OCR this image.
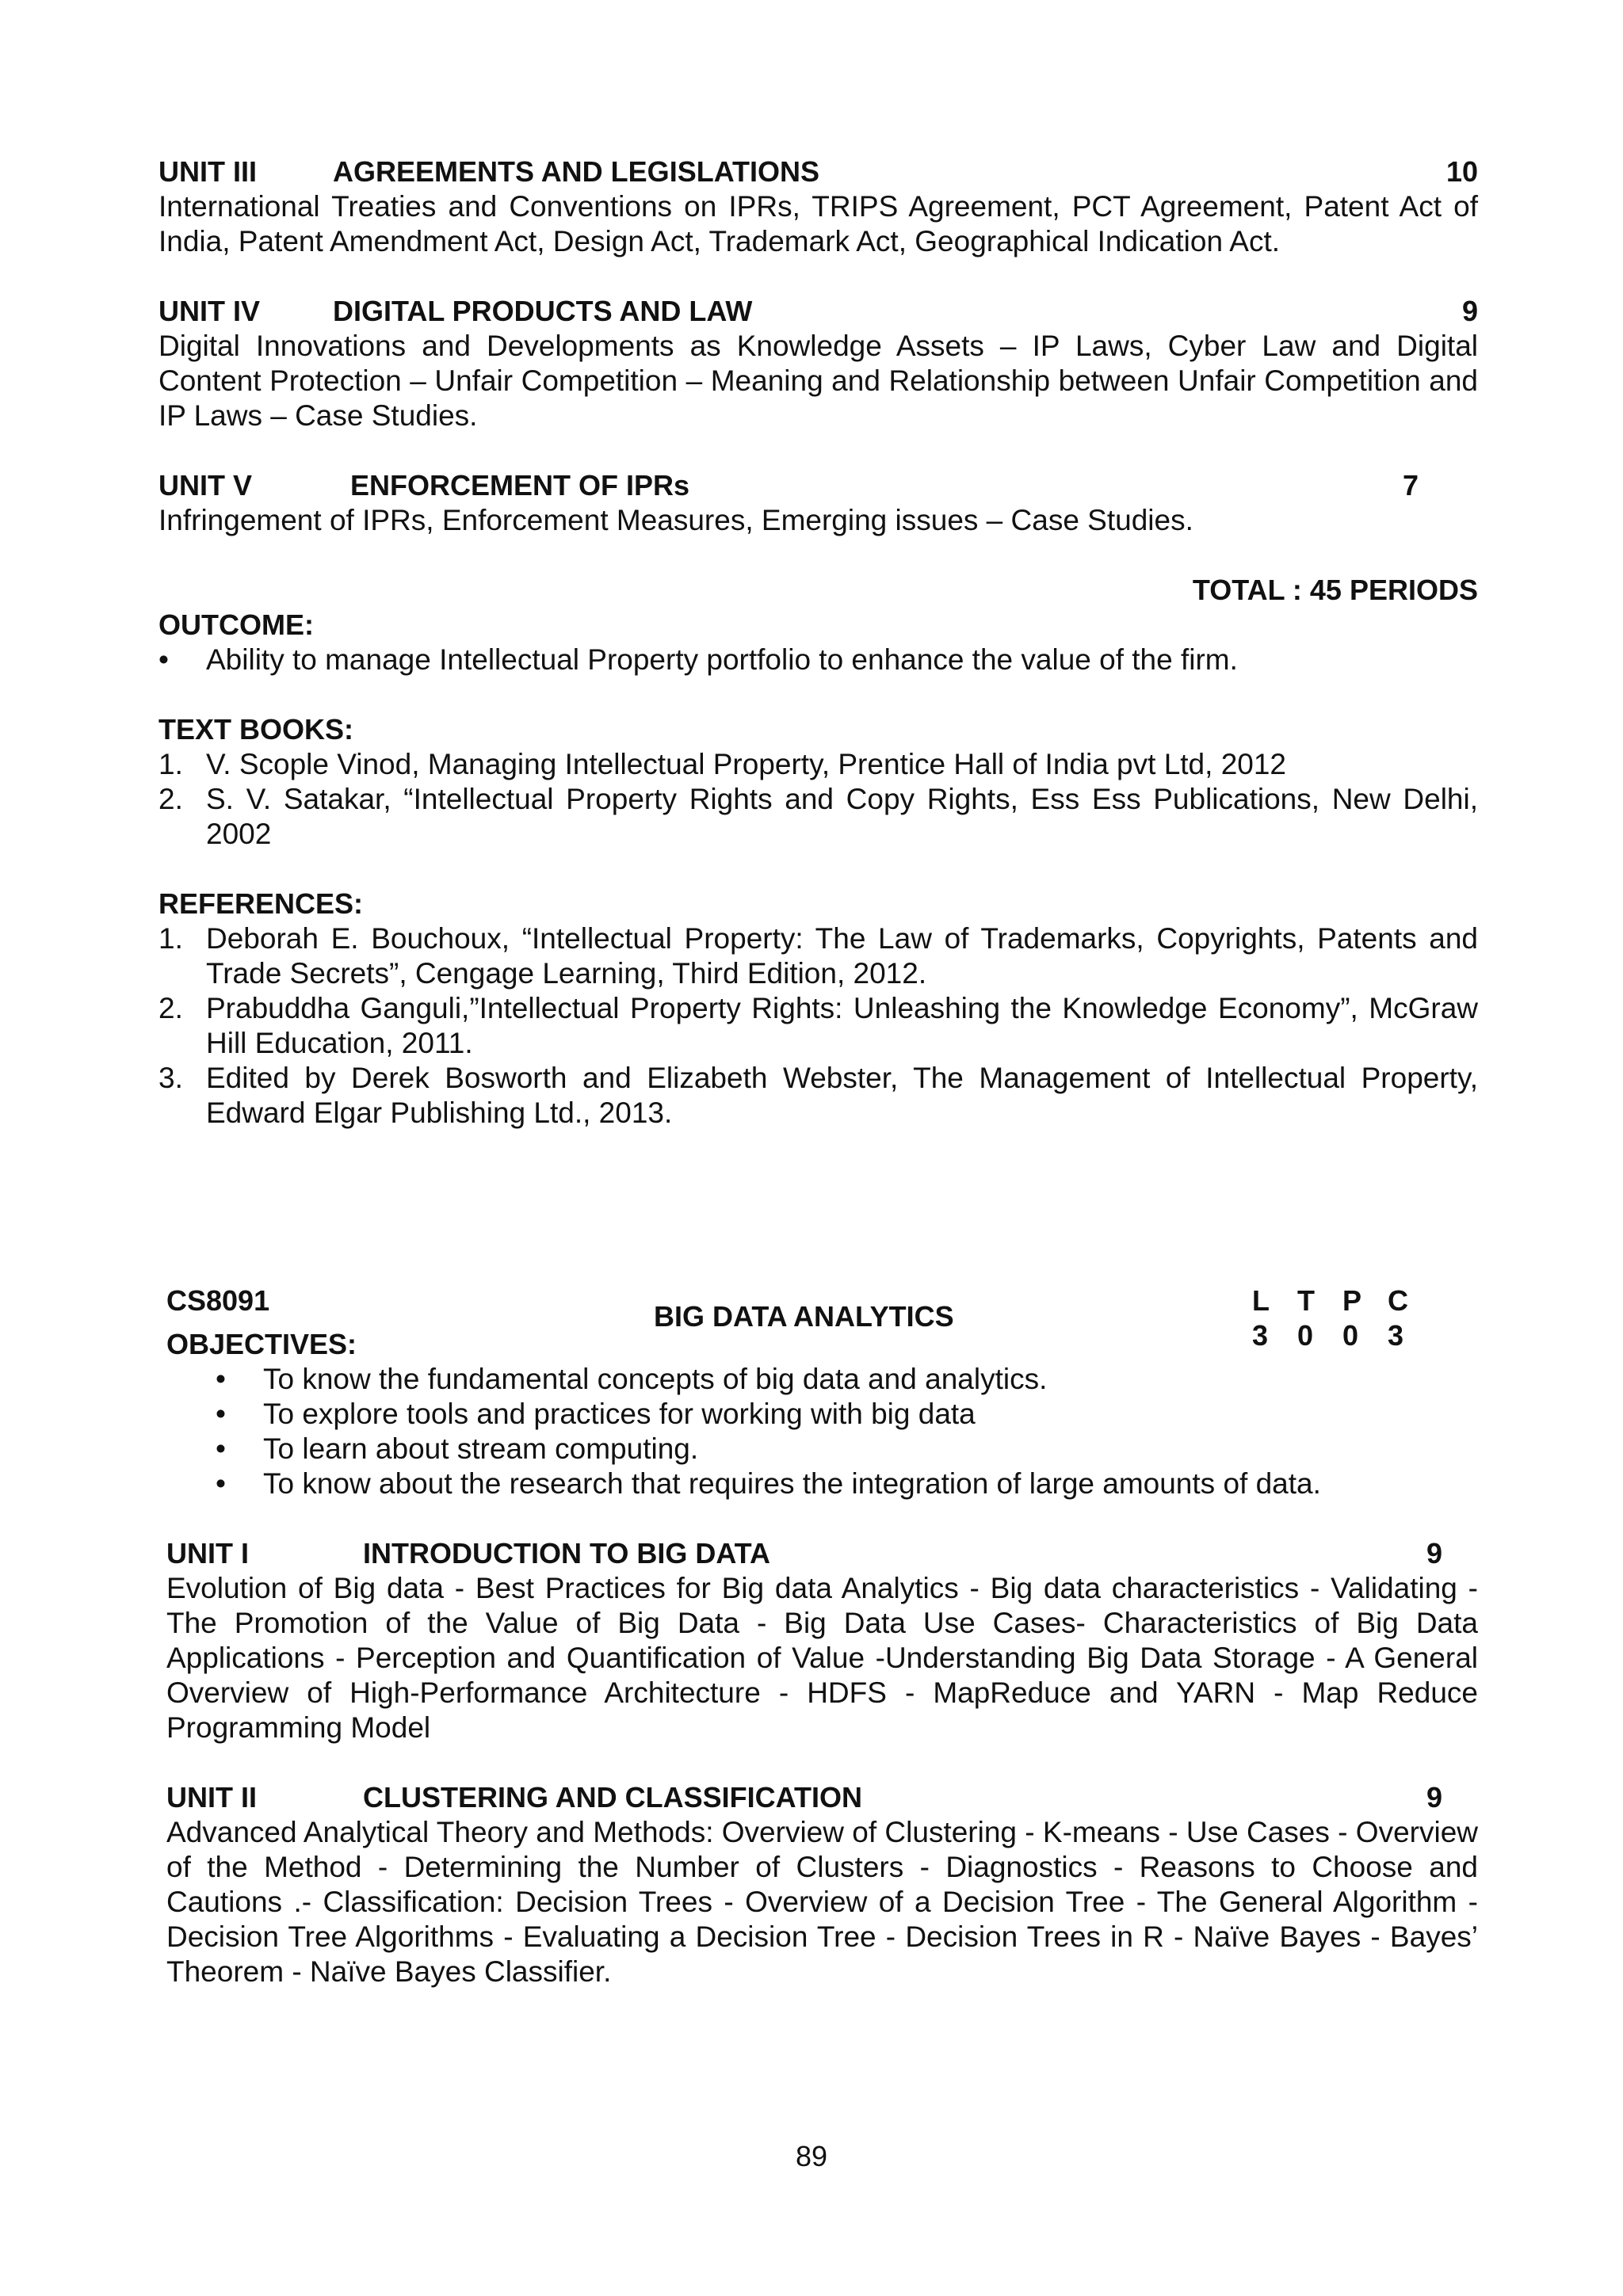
UNIT III	AGREEMENTS AND LEGISLATIONS	10

International Treaties and Conventions on IPRs, TRIPS Agreement, PCT Agreement, Patent Act of India, Patent Amendment Act, Design Act, Trademark Act, Geographical Indication Act.

UNIT IV	DIGITAL PRODUCTS AND LAW	9

Digital Innovations and Developments as Knowledge Assets – IP Laws, Cyber Law and Digital Content Protection – Unfair Competition – Meaning and Relationship between Unfair Competition and IP Laws – Case Studies.

UNIT V	ENFORCEMENT OF IPRs	7

Infringement of IPRs, Enforcement Measures, Emerging issues – Case Studies.

TOTAL : 45 PERIODS
OUTCOME:
• Ability to manage Intellectual Property portfolio to enhance the value of the firm.
TEXT BOOKS:
1. V. Scople Vinod, Managing Intellectual Property, Prentice Hall of India pvt Ltd, 2012
2. S. V. Satakar, “Intellectual Property Rights and Copy Rights, Ess Ess Publications, New Delhi, 2002
REFERENCES:
1. Deborah E. Bouchoux, “Intellectual Property: The Law of Trademarks, Copyrights, Patents and Trade Secrets”, Cengage Learning, Third Edition, 2012.
2. Prabuddha Ganguli,”Intellectual Property Rights: Unleashing the Knowledge Economy”, McGraw Hill Education, 2011.
3. Edited by Derek Bosworth and Elizabeth Webster, The Management of Intellectual Property, Edward Elgar Publishing Ltd., 2013.
CS8091	BIG DATA ANALYTICS	L	T	P	C
3	0	0	3
OBJECTIVES:
• To know the fundamental concepts of big data and analytics.
• To explore tools and practices for working with big data
• To learn about stream computing.
• To know about the research that requires the integration of large amounts of data.
UNIT I	INTRODUCTION TO BIG DATA	9

Evolution of Big data - Best Practices for Big data Analytics - Big data characteristics - Validating - The Promotion of the Value of Big Data - Big Data Use Cases- Characteristics of Big Data Applications - Perception and Quantification of Value -Understanding Big Data Storage - A General Overview of High-Performance Architecture - HDFS - MapReduce and YARN - Map Reduce Programming Model

UNIT II	CLUSTERING AND CLASSIFICATION	9

Advanced Analytical Theory and Methods: Overview of Clustering - K-means - Use Cases - Overview of the Method - Determining the Number of Clusters - Diagnostics - Reasons to Choose and Cautions .- Classification: Decision Trees - Overview of a Decision Tree - The General Algorithm - Decision Tree Algorithms - Evaluating a Decision Tree - Decision Trees in R - Naïve Bayes - Bayes’ Theorem - Naïve Bayes Classifier.

89
